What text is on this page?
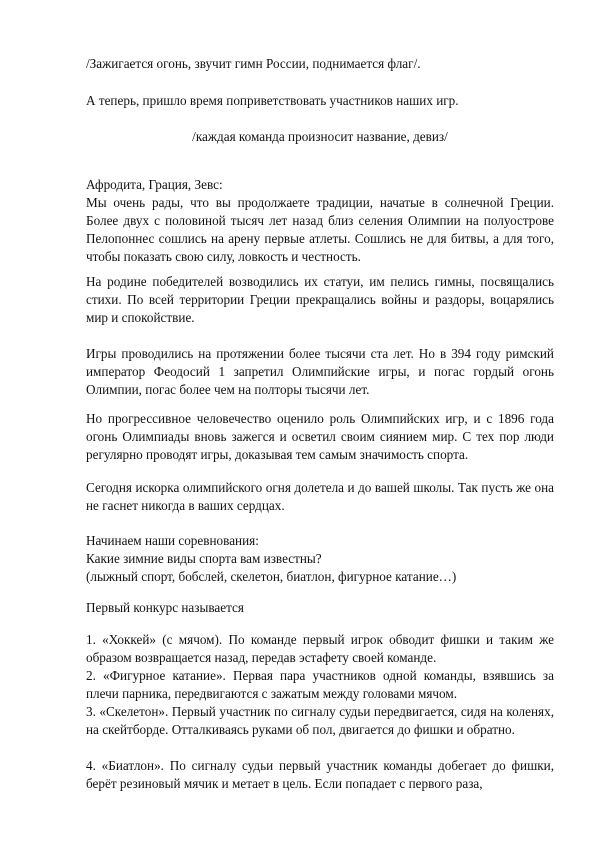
/Зажигается огонь, звучит гимн России, поднимается флаг/.

А теперь, пришло время поприветствовать участников наших игр.

/каждая команда произносит название, девиз/

Афродита, Грация, Зевс:

Мы очень рады, что вы продолжаете традиции, начатые в солнечной Греции. Более двух с половиной тысяч лет назад близ селения Олимпии на полуострове Пелопоннес сошлись на арену первые атлеты. Сошлись не для битвы, а для того, чтобы показать свою силу, ловкость и честность.

На родине победителей возводились их статуи, им пелись гимны, посвящались стихи. По всей территории Греции прекращались войны и раздоры, воцарялись мир и спокойствие.

Игры проводились на протяжении более тысячи ста лет. Но в 394 году римский император Феодосий 1 запретил Олимпийские игры, и погас гордый огонь Олимпии, погас более чем на полторы тысячи лет.

Но прогрессивное человечество оценило роль Олимпийских игр, и с 1896 года огонь Олимпиады вновь зажегся и осветил своим сиянием мир. С тех пор люди регулярно проводят игры, доказывая тем самым значимость спорта.

Сегодня искорка олимпийского огня долетела и до вашей школы. Так пусть же она не гаснет никогда в ваших сердцах.

Начинаем наши соревнования:

Какие зимние виды спорта вам известны?

(лыжный спорт, бобслей, скелетон, биатлон, фигурное катание…)

Первый конкурс называется

1. «Хоккей» (с мячом). По команде первый игрок обводит фишки и таким же образом возвращается назад, передав эстафету своей команде.

2. «Фигурное катание». Первая пара участников одной команды, взявшись за плечи парника, передвигаются с зажатым между головами мячом.

3. «Скелетон». Первый участник по сигналу судьи передвигается, сидя на коленях, на скейтборде. Отталкиваясь руками об пол, двигается до фишки и обратно.

4. «Биатлон». По сигналу судьи первый участник команды добегает до фишки, берёт резиновый мячик и метает в цель. Если попадает с первого раза,
